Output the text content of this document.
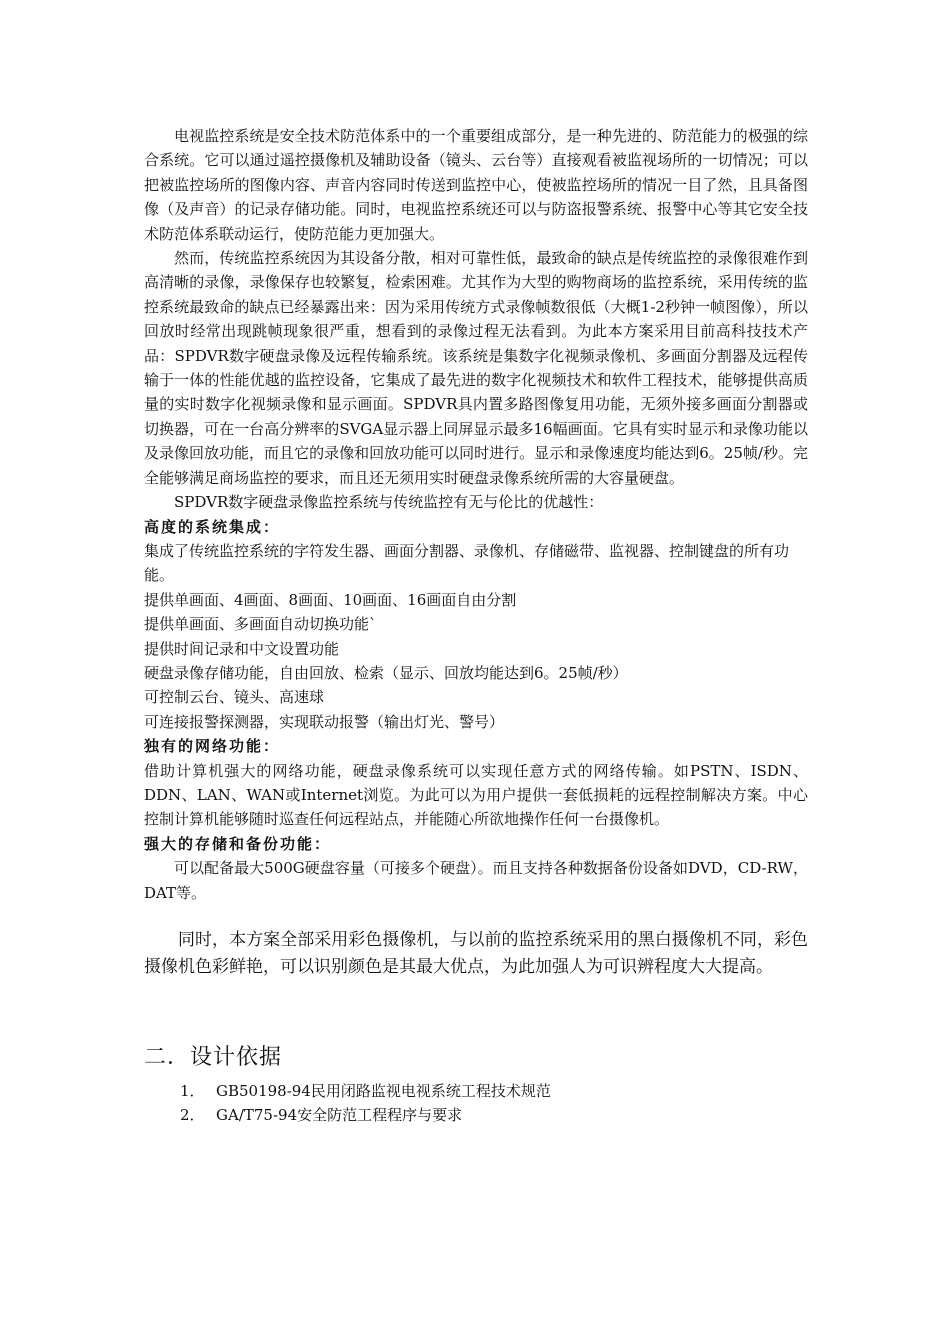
电视监控系统是安全技术防范体系中的一个重要组成部分，是一种先进的、防范能力的极强的综合系统。它可以通过遥控摄像机及辅助设备（镜头、云台等）直接观看被监视场所的一切情况；可以把被监控场所的图像内容、声音内容同时传送到监控中心，使被监控场所的情况一目了然，且具备图像（及声音）的记录存储功能。同时，电视监控系统还可以与防盗报警系统、报警中心等其它安全技术防范体系联动运行，使防范能力更加强大。

然而，传统监控系统因为其设备分散，相对可靠性低，最致命的缺点是传统监控的录像很难作到高清晰的录像，录像保存也较繁复，检索困难。尤其作为大型的购物商场的监控系统，采用传统的监控系统最致命的缺点已经暴露出来：因为采用传统方式录像帧数很低（大概1-2秒钟一帧图像），所以回放时经常出现跳帧现象很严重，想看到的录像过程无法看到。为此本方案采用目前高科技技术产品：SPDVR数字硬盘录像及远程传输系统。该系统是集数字化视频录像机、多画面分割器及远程传输于一体的性能优越的监控设备，它集成了最先进的数字化视频技术和软件工程技术，能够提供高质量的实时数字化视频录像和显示画面。SPDVR具内置多路图像复用功能，无须外接多画面分割器或切换器，可在一台高分辨率的SVGA显示器上同屏显示最多16幅画面。它具有实时显示和录像功能以及录像回放功能，而且它的录像和回放功能可以同时进行。显示和录像速度均能达到6。25帧/秒。完全能够满足商场监控的要求，而且还无须用实时硬盘录像系统所需的大容量硬盘。

SPDVR数字硬盘录像监控系统与传统监控有无与伦比的优越性：

高度的系统集成：

集成了传统监控系统的字符发生器、画面分割器、录像机、存储磁带、监视器、控制键盘的所有功能。

提供单画面、4画面、8画面、10画面、16画面自由分割

提供单画面、多画面自动切换功能`

提供时间记录和中文设置功能

硬盘录像存储功能，自由回放、检索（显示、回放均能达到6。25帧/秒）

可控制云台、镜头、高速球

可连接报警探测器，实现联动报警（输出灯光、警号）

独有的网络功能：

借助计算机强大的网络功能，硬盘录像系统可以实现任意方式的网络传输。如PSTN、ISDN、DDN、LAN、WAN或Internet浏览。为此可以为用户提供一套低损耗的远程控制解决方案。中心控制计算机能够随时巡查任何远程站点，并能随心所欲地操作任何一台摄像机。

强大的存储和备份功能：

可以配备最大500G硬盘容量（可接多个硬盘）。而且支持各种数据备份设备如DVD，CD-RW，DAT等。

同时，本方案全部采用彩色摄像机，与以前的监控系统采用的黑白摄像机不同，彩色摄像机色彩鲜艳，可以识别颜色是其最大优点，为此加强人为可识辨程度大大提高。

二．设计依据
1． GB50198-94民用闭路监视电视系统工程技术规范
2． GA/T75-94安全防范工程程序与要求
